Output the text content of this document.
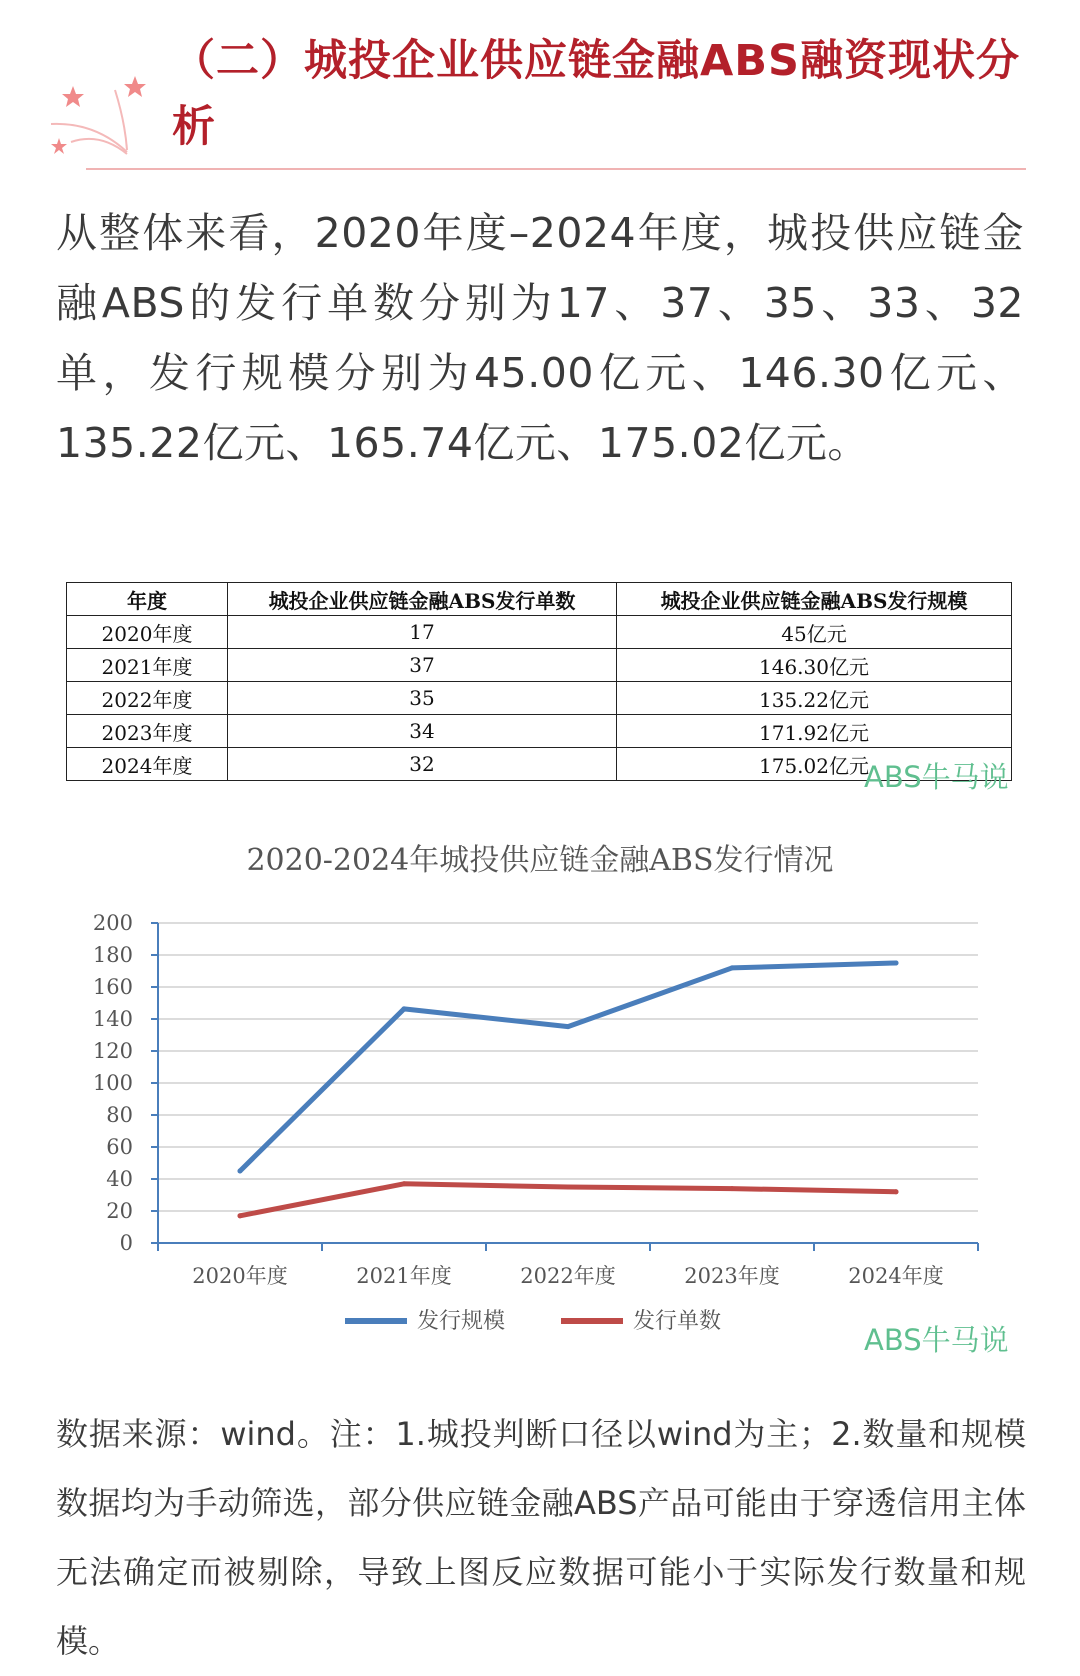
（二）城投企业供应链金融ABS融资现状分析
从整体来看，2020年度–2024年度，城投供应链金融ABS的发行单数分别为17、37、35、33、32单，发行规模分别为45.00亿元、146.30亿元、135.22亿元、165.74亿元、175.02亿元。
年度	城投企业供应链金融ABS发行单数	城投企业供应链金融ABS发行规模
2020年度	17	45亿元
2021年度	37	146.30亿元
2022年度	35	135.22亿元
2023年度	34	171.92亿元
2024年度	32	175.02亿元
ABS牛马说
2020-2024年城投供应链金融ABS发行情况
0
20
40
60
80
100
120
140
160
180
200
2020年度	2021年度	2022年度	2023年度	2024年度
发行规模	发行单数
ABS牛马说
数据来源：wind。注：1.城投判断口径以wind为主；2.数量和规模数据均为手动筛选，部分供应链金融ABS产品可能由于穿透信用主体无法确定而被剔除，导致上图反应数据可能小于实际发行数量和规模。
